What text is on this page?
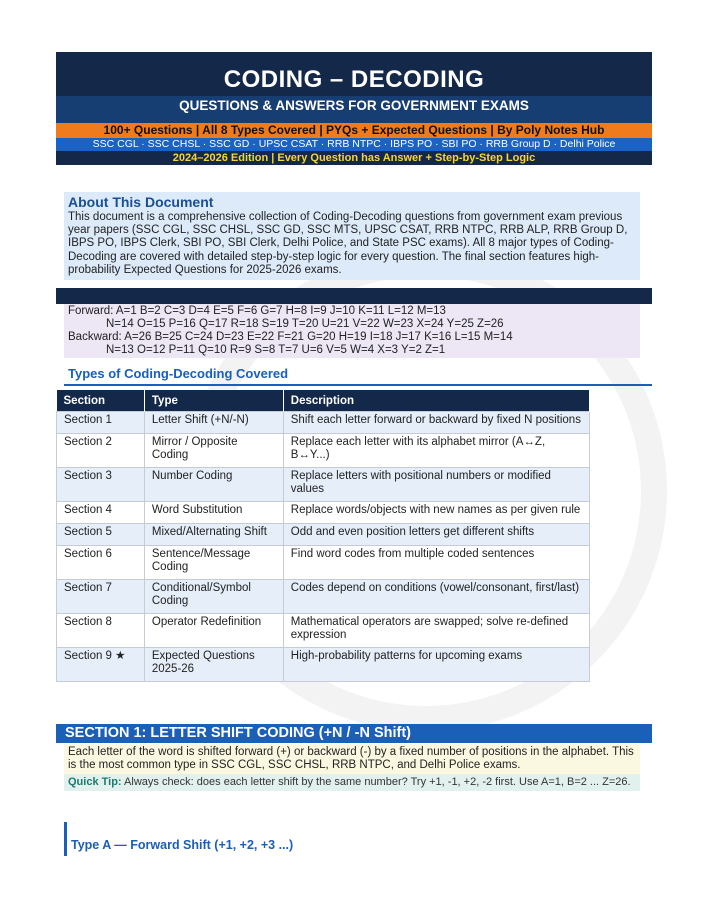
CODING – DECODING
QUESTIONS & ANSWERS FOR GOVERNMENT EXAMS
100+ Questions | All 8 Types Covered | PYQs + Expected Questions | By Poly Notes Hub
SSC CGL · SSC CHSL · SSC GD · UPSC CSAT · RRB NTPC · IBPS PO · SBI PO · RRB Group D · Delhi Police
2024–2026 Edition | Every Question has Answer + Step-by-Step Logic
About This Document
This document is a comprehensive collection of Coding-Decoding questions from government exam previous year papers (SSC CGL, SSC CHSL, SSC GD, SSC MTS, UPSC CSAT, RRB NTPC, RRB ALP, RRB Group D, IBPS PO, IBPS Clerk, SBI PO, SBI Clerk, Delhi Police, and State PSC exams). All 8 major types of Coding-Decoding are covered with detailed step-by-step logic for every question. The final section features high-probability Expected Questions for 2025-2026 exams.
Forward: A=1 B=2 C=3 D=4 E=5 F=6 G=7 H=8 I=9 J=10 K=11 L=12 M=13
N=14 O=15 P=16 Q=17 R=18 S=19 T=20 U=21 V=22 W=23 X=24 Y=25 Z=26
Backward: A=26 B=25 C=24 D=23 E=22 F=21 G=20 H=19 I=18 J=17 K=16 L=15 M=14
N=13 O=12 P=11 Q=10 R=9 S=8 T=7 U=6 V=5 W=4 X=3 Y=2 Z=1
Types of Coding-Decoding Covered
Section	Type	Description
Section 1	Letter Shift (+N/-N)	Shift each letter forward or backward by fixed N positions
Section 2	Mirror / Opposite Coding	Replace each letter with its alphabet mirror (A↔Z, B↔Y...)
Section 3	Number Coding	Replace letters with positional numbers or modified values
Section 4	Word Substitution	Replace words/objects with new names as per given rule
Section 5	Mixed/Alternating Shift	Odd and even position letters get different shifts
Section 6	Sentence/Message Coding	Find word codes from multiple coded sentences
Section 7	Conditional/Symbol Coding	Codes depend on conditions (vowel/consonant, first/last)
Section 8	Operator Redefinition	Mathematical operators are swapped; solve re-defined expression
Section 9 ★	Expected Questions 2025-26	High-probability patterns for upcoming exams
SECTION 1: LETTER SHIFT CODING (+N / -N Shift)
Each letter of the word is shifted forward (+) or backward (-) by a fixed number of positions in the alphabet. This is the most common type in SSC CGL, SSC CHSL, RRB NTPC, and Delhi Police exams.
Quick Tip: Always check: does each letter shift by the same number? Try +1, -1, +2, -2 first. Use A=1, B=2 ... Z=26.
Type A — Forward Shift (+1, +2, +3 ...)
